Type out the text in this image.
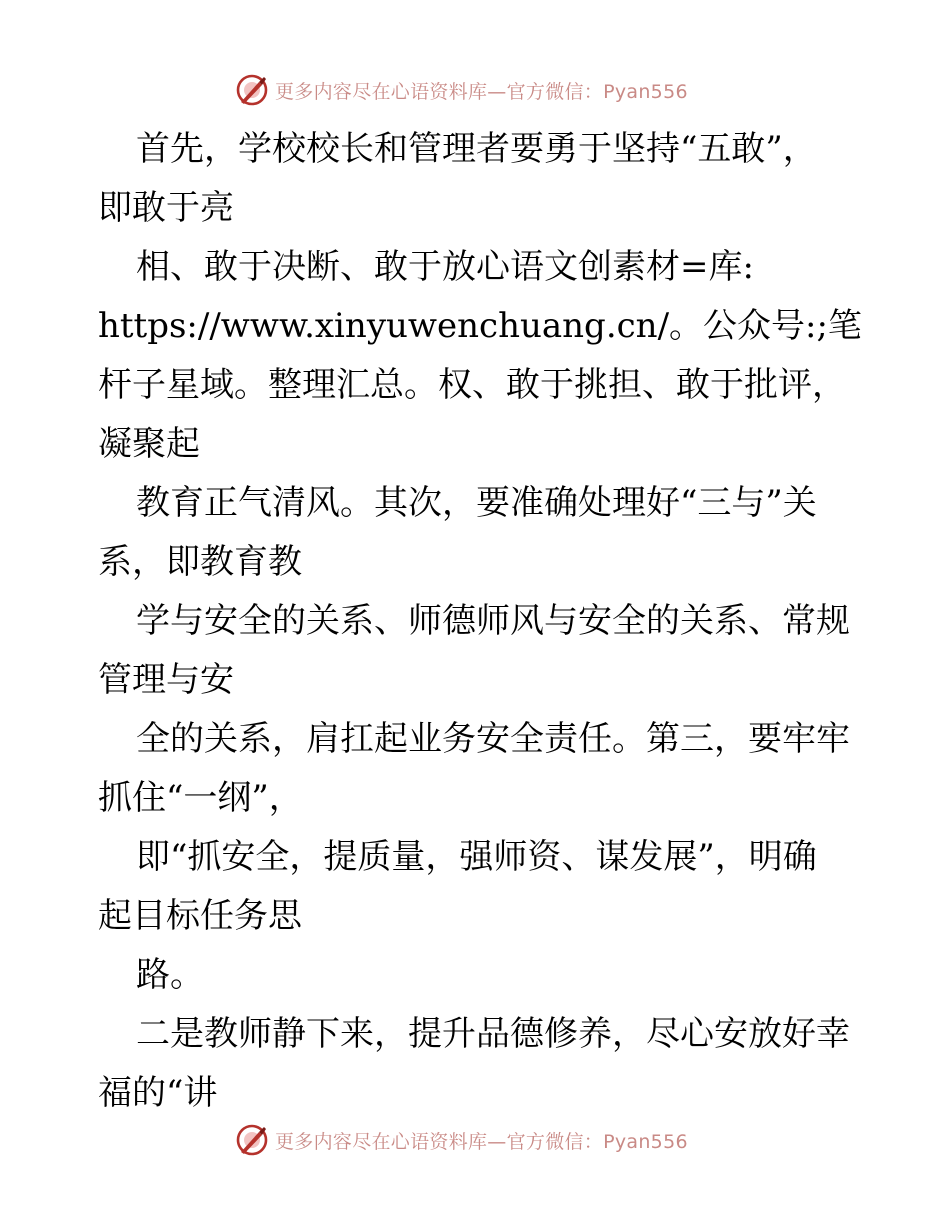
更多内容尽在心语资料库—官方微信：Pyan556
首先，学校校长和管理者要勇于坚持“五敢”，
即敢于亮
相、敢于决断、敢于放心语文创素材=库:
https://www.xinyuwenchuang.cn/。公众号:;笔
杆子星域。整理汇总。权、敢于挑担、敢于批评，
凝聚起
教育正气清风。其次，要准确处理好“三与”关
系，即教育教
学与安全的关系、师德师风与安全的关系、常规
管理与安
全的关系，肩扛起业务安全责任。第三，要牢牢
抓住“一纲”，
即“抓安全，提质量，强师资、谋发展”，明确
起目标任务思
路。
二是教师静下来，提升品德修养，尽心安放好幸
福的“讲
更多内容尽在心语资料库—官方微信：Pyan556
